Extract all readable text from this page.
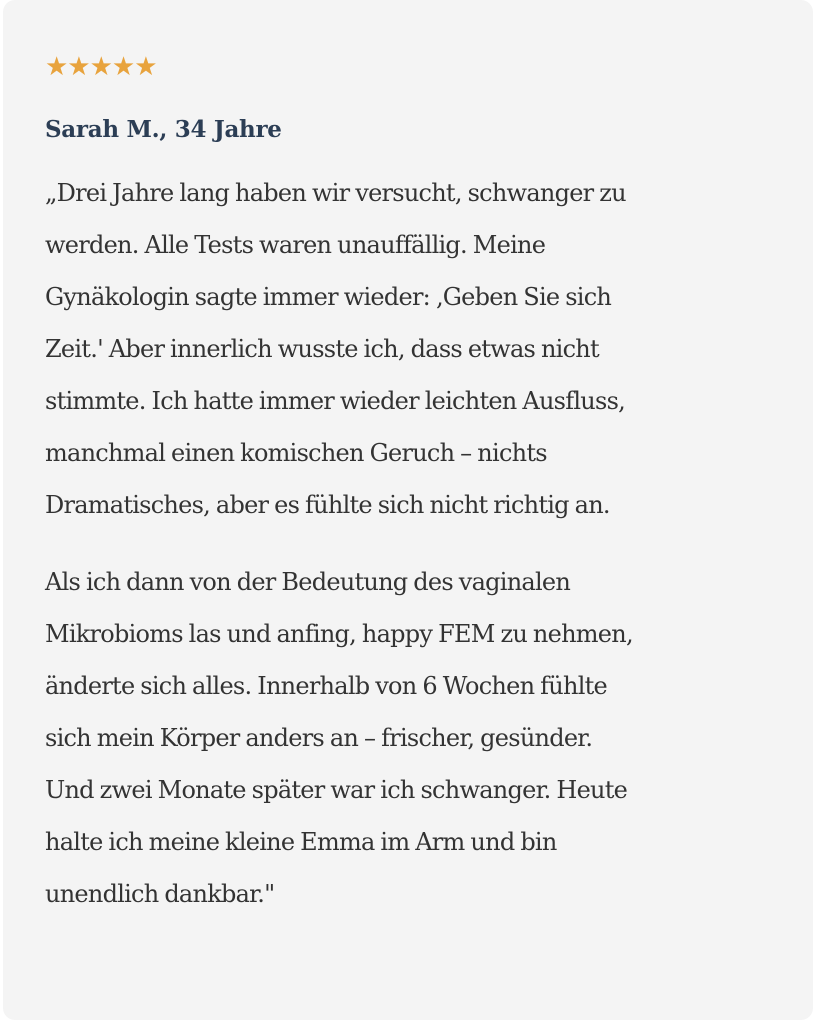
★★★★★
Sarah M., 34 Jahre

„Drei Jahre lang haben wir versucht, schwanger zu
werden. Alle Tests waren unauffällig. Meine
Gynäkologin sagte immer wieder: ‚Geben Sie sich
Zeit.' Aber innerlich wusste ich, dass etwas nicht
stimmte. Ich hatte immer wieder leichten Ausfluss,
manchmal einen komischen Geruch – nichts
Dramatisches, aber es fühlte sich nicht richtig an.

Als ich dann von der Bedeutung des vaginalen
Mikrobioms las und anfing, happy FEM zu nehmen,
änderte sich alles. Innerhalb von 6 Wochen fühlte
sich mein Körper anders an – frischer, gesünder.
Und zwei Monate später war ich schwanger. Heute
halte ich meine kleine Emma im Arm und bin
unendlich dankbar."
